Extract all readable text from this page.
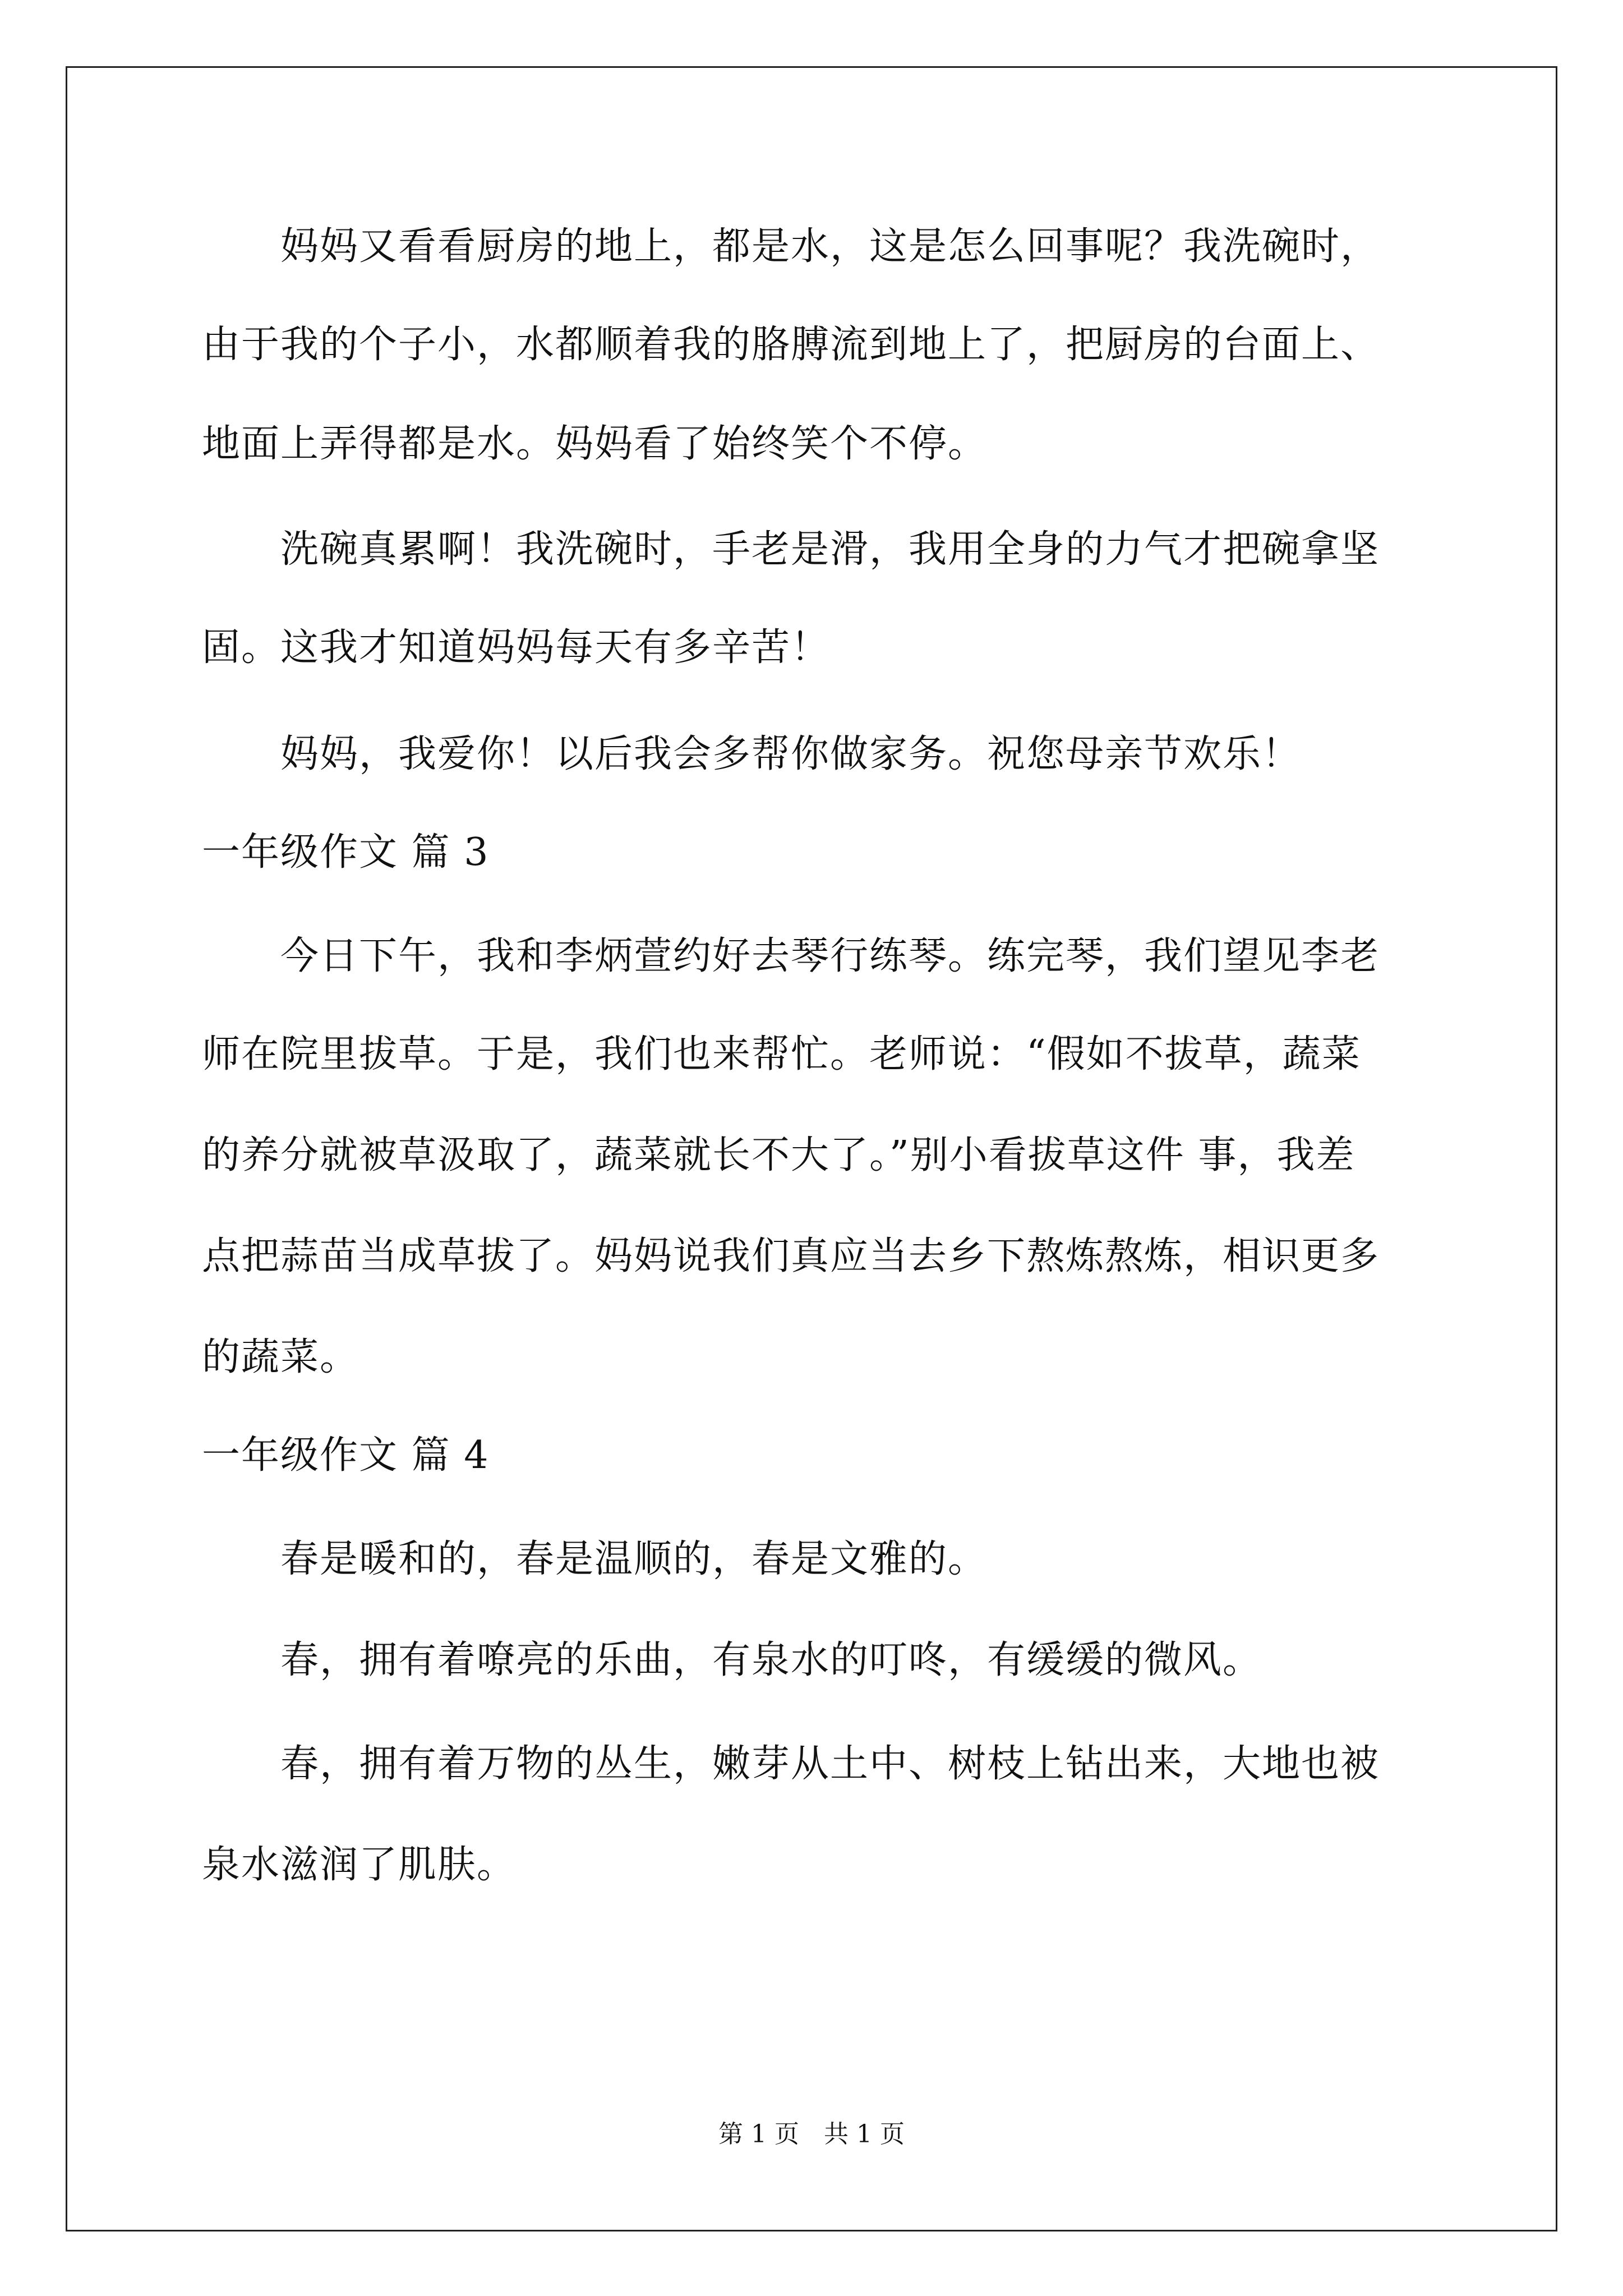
妈妈又看看厨房的地上，都是水，这是怎么回事呢？我洗碗时，
由于我的个子小，水都顺着我的胳膊流到地上了，把厨房的台面上、
地面上弄得都是水。妈妈看了始终笑个不停。
洗碗真累啊！我洗碗时，手老是滑，我用全身的力气才把碗拿坚
固。这我才知道妈妈每天有多辛苦！
妈妈，我爱你！以后我会多帮你做家务。祝您母亲节欢乐！
一年级作文 篇 3
今日下午，我和李炳萱约好去琴行练琴。练完琴，我们望见李老
师在院里拔草。于是，我们也来帮忙。老师说：“假如不拔草，蔬菜
的养分就被草汲取了，蔬菜就长不大了。”别小看拔草这件 事，我差
点把蒜苗当成草拔了。妈妈说我们真应当去乡下熬炼熬炼，相识更多
的蔬菜。
一年级作文 篇 4
春是暖和的，春是温顺的，春是文雅的。
春，拥有着嘹亮的乐曲，有泉水的叮咚，有缓缓的微风。
春，拥有着万物的丛生，嫩芽从土中、树枝上钻出来，大地也被
泉水滋润了肌肤。
第 1 页　共 1 页
